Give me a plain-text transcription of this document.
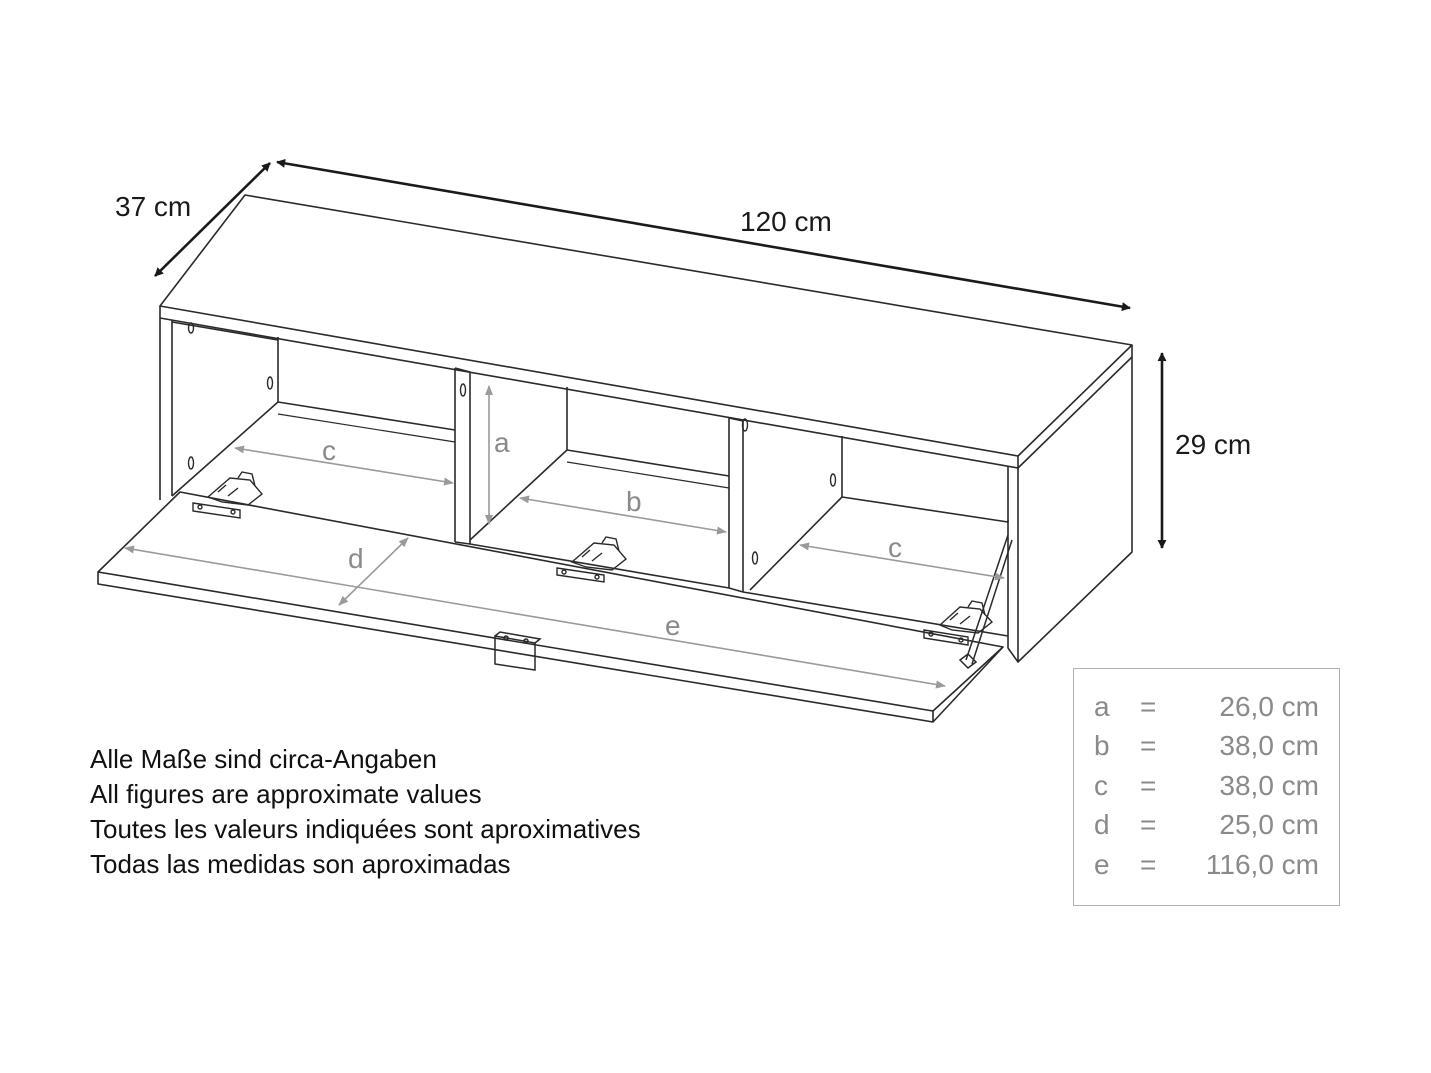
37 cm	120 cm
29 cm
a
b
c
c
d
e
Alle Maße sind circa-Angaben
All figures are approximate values
Toutes les valeurs indiquées sont aproximatives
Todas las medidas son aproximadas
a = 26,0 cm
b = 38,0 cm
c = 38,0 cm
d = 25,0 cm
e = 116,0 cm
